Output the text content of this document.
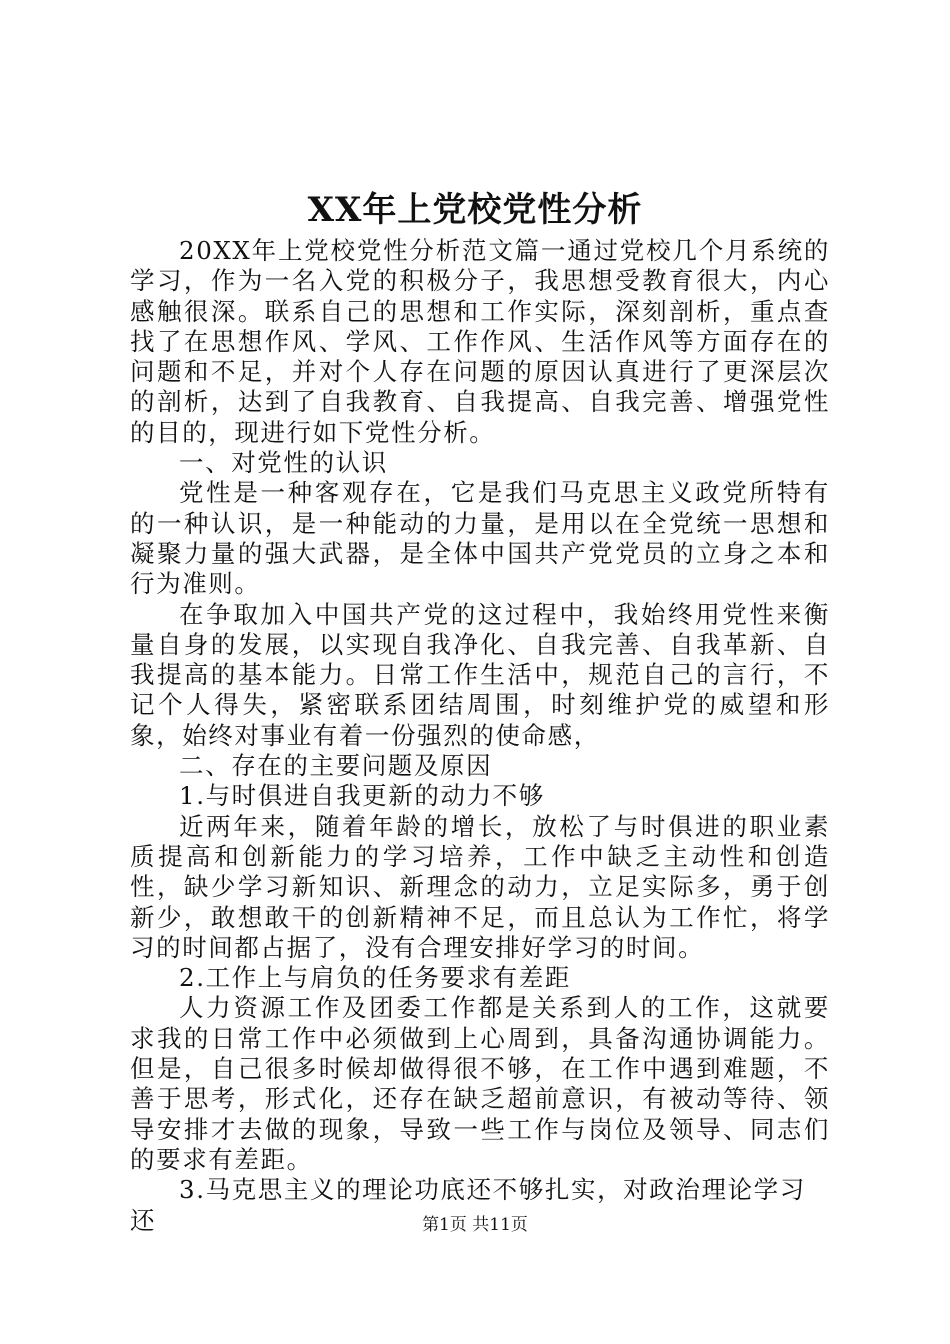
XX年上党校党性分析

20XX年上党校党性分析范文篇一通过党校几个月系统的学习，作为一名入党的积极分子，我思想受教育很大，内心感触很深。联系自己的思想和工作实际，深刻剖析，重点查找了在思想作风、学风、工作作风、生活作风等方面存在的问题和不足，并对个人存在问题的原因认真进行了更深层次的剖析，达到了自我教育、自我提高、自我完善、增强党性的目的，现进行如下党性分析。

一、对党性的认识

党性是一种客观存在，它是我们马克思主义政党所特有的一种认识，是一种能动的力量，是用以在全党统一思想和凝聚力量的强大武器，是全体中国共产党党员的立身之本和行为准则。

在争取加入中国共产党的这过程中，我始终用党性来衡量自身的发展，以实现自我净化、自我完善、自我革新、自我提高的基本能力。日常工作生活中，规范自己的言行，不记个人得失，紧密联系团结周围，时刻维护党的威望和形象，始终对事业有着一份强烈的使命感，

二、存在的主要问题及原因

1.与时俱进自我更新的动力不够

近两年来，随着年龄的增长，放松了与时俱进的职业素质提高和创新能力的学习培养，工作中缺乏主动性和创造性，缺少学习新知识、新理念的动力，立足实际多，勇于创新少，敢想敢干的创新精神不足，而且总认为工作忙，将学习的时间都占据了，没有合理安排好学习的时间。

2.工作上与肩负的任务要求有差距

人力资源工作及团委工作都是关系到人的工作，这就要求我的日常工作中必须做到上心周到，具备沟通协调能力。但是，自己很多时候却做得很不够，在工作中遇到难题，不善于思考，形式化，还存在缺乏超前意识，有被动等待、领导安排才去做的现象，导致一些工作与岗位及领导、同志们的要求有差距。

3.马克思主义的理论功底还不够扎实，对政治理论学习还	第1页 共11页
